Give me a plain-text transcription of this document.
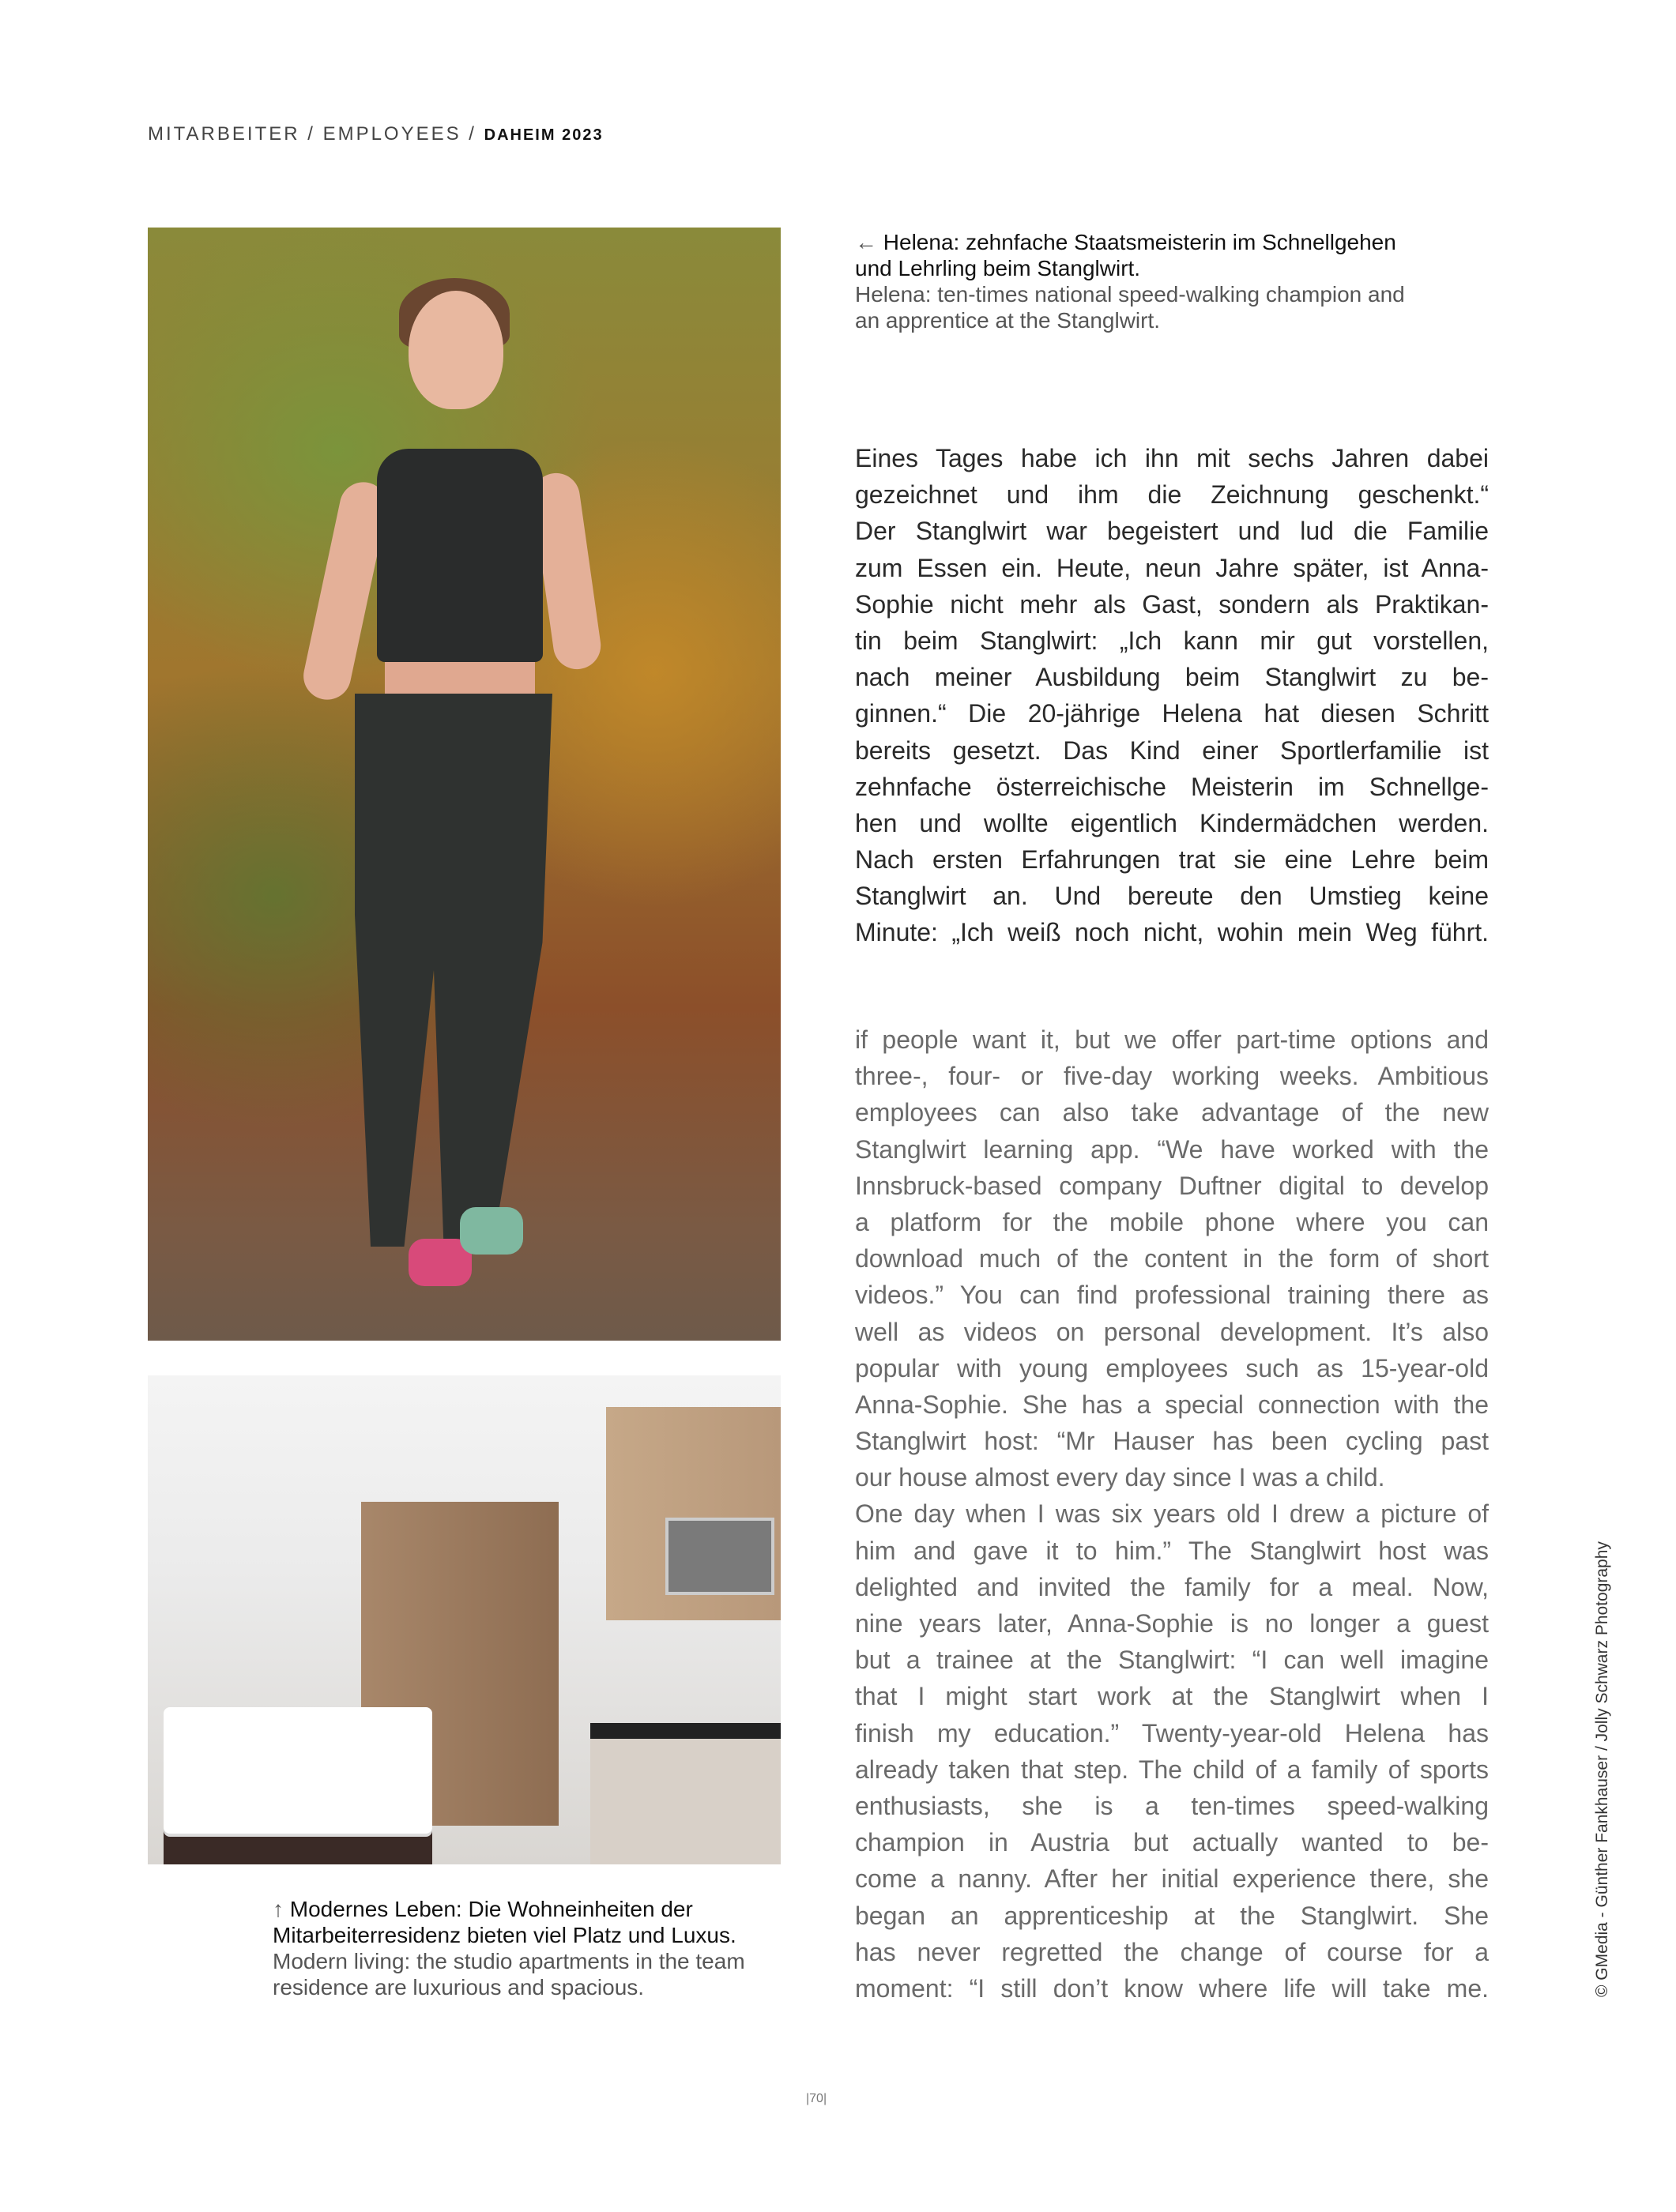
MITARBEITER / EMPLOYEES / DAHEIM 2023
← Helena: zehnfache Staatsmeisterin im Schnellgehen und Lehrling beim Stanglwirt.
Helena: ten-times national speed-walking champion and an apprentice at the Stanglwirt.
↑ Modernes Leben: Die Wohneinheiten der Mitarbeiterresidenz bieten viel Platz und Luxus.
Modern living: the studio apartments in the team residence are luxurious and spacious.
Eines Tages habe ich ihn mit sechs Jahren dabei
gezeichnet und ihm die Zeichnung geschenkt.“
Der Stanglwirt war begeistert und lud die Familie
zum Essen ein. Heute, neun Jahre später, ist Anna-
Sophie nicht mehr als Gast, sondern als Praktikan-
tin beim Stanglwirt: „Ich kann mir gut vorstellen,
nach meiner Ausbildung beim Stanglwirt zu be-
ginnen.“ Die 20-jährige Helena hat diesen Schritt
bereits gesetzt. Das Kind einer Sportlerfamilie ist
zehnfache österreichische Meisterin im Schnellge-
hen und wollte eigentlich Kindermädchen werden.
Nach ersten Erfahrungen trat sie eine Lehre beim
Stanglwirt an. Und bereute den Umstieg keine
Minute: „Ich weiß noch nicht, wohin mein Weg führt.
if people want it, but we offer part-time options and
three-, four- or five-day working weeks. Ambitious
employees can also take advantage of the new
Stanglwirt learning app. “We have worked with the
Innsbruck-based company Duftner digital to develop
a platform for the mobile phone where you can
download much of the content in the form of short
videos.” You can find professional training there as
well as videos on personal development. It’s also
popular with young employees such as 15-year-old
Anna-Sophie. She has a special connection with the
Stanglwirt host: “Mr Hauser has been cycling past
our house almost every day since I was a child.
One day when I was six years old I drew a picture of
him and gave it to him.” The Stanglwirt host was
delighted and invited the family for a meal. Now,
nine years later, Anna-Sophie is no longer a guest
but a trainee at the Stanglwirt: “I can well imagine
that I might start work at the Stanglwirt when I
finish my education.” Twenty-year-old Helena has
already taken that step. The child of a family of sports
enthusiasts, she is a ten-times speed-walking
champion in Austria but actually wanted to be-
come a nanny. After her initial experience there, she
began an apprenticeship at the Stanglwirt. She
has never regretted the change of course for a
moment: “I still don’t know where life will take me.	© GMedia - Günther Fankhauser / Jolly Schwarz Photography
|70|
